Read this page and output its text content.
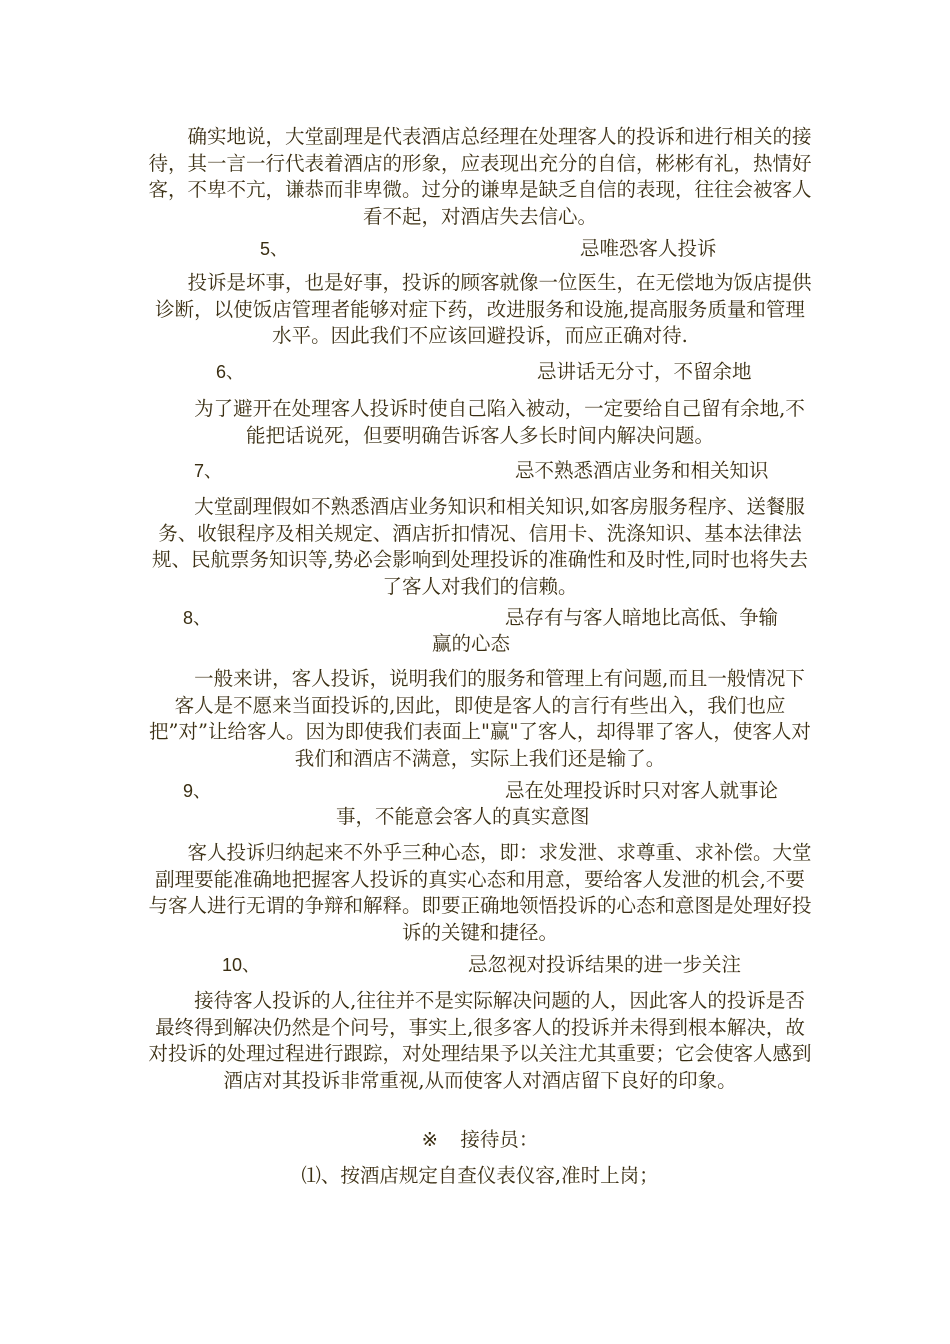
　　确实地说，大堂副理是代表酒店总经理在处理客人的投诉和进行相关的接待，其一言一行代表着酒店的形象，应表现出充分的自信，彬彬有礼，热情好客，不卑不亢，谦恭而非卑微。过分的谦卑是缺乏自信的表现，往往会被客人看不起，对酒店失去信心。

5、	忌唯恐客人投诉

　　投诉是坏事，也是好事，投诉的顾客就像一位医生，在无偿地为饭店提供诊断，以使饭店管理者能够对症下药，改进服务和设施,提高服务质量和管理水平。因此我们不应该回避投诉，而应正确对待.

6、	忌讲话无分寸，不留余地

　　为了避开在处理客人投诉时使自己陷入被动，一定要给自己留有余地,不能把话说死，但要明确告诉客人多长时间内解决问题。

7、	忌不熟悉酒店业务和相关知识

　　大堂副理假如不熟悉酒店业务知识和相关知识,如客房服务程序、送餐服务、收银程序及相关规定、酒店折扣情况、信用卡、洗涤知识、基本法律法规、民航票务知识等,势必会影响到处理投诉的准确性和及时性,同时也将失去了客人对我们的信赖。

8、	忌存有与客人暗地比高低、争输
赢的心态

　　一般来讲，客人投诉，说明我们的服务和管理上有问题,而且一般情况下客人是不愿来当面投诉的,因此，即使是客人的言行有些出入，我们也应把”对”让给客人。因为即使我们表面上"赢"了客人，却得罪了客人，使客人对我们和酒店不满意，实际上我们还是输了。

9、	忌在处理投诉时只对客人就事论
事，不能意会客人的真实意图

　　客人投诉归纳起来不外乎三种心态，即：求发泄、求尊重、求补偿。大堂副理要能准确地把握客人投诉的真实心态和用意，要给客人发泄的机会,不要与客人进行无谓的争辩和解释。即要正确地领悟投诉的心态和意图是处理好投诉的关键和捷径。

10、	忌忽视对投诉结果的进一步关注

　　接待客人投诉的人,往往并不是实际解决问题的人，因此客人的投诉是否最终得到解决仍然是个问号，事实上,很多客人的投诉并未得到根本解决，故对投诉的处理过程进行跟踪，对处理结果予以关注尤其重要；它会使客人感到酒店对其投诉非常重视,从而使客人对酒店留下良好的印象。

※ 接待员：
⑴、按酒店规定自查仪表仪容,准时上岗；
